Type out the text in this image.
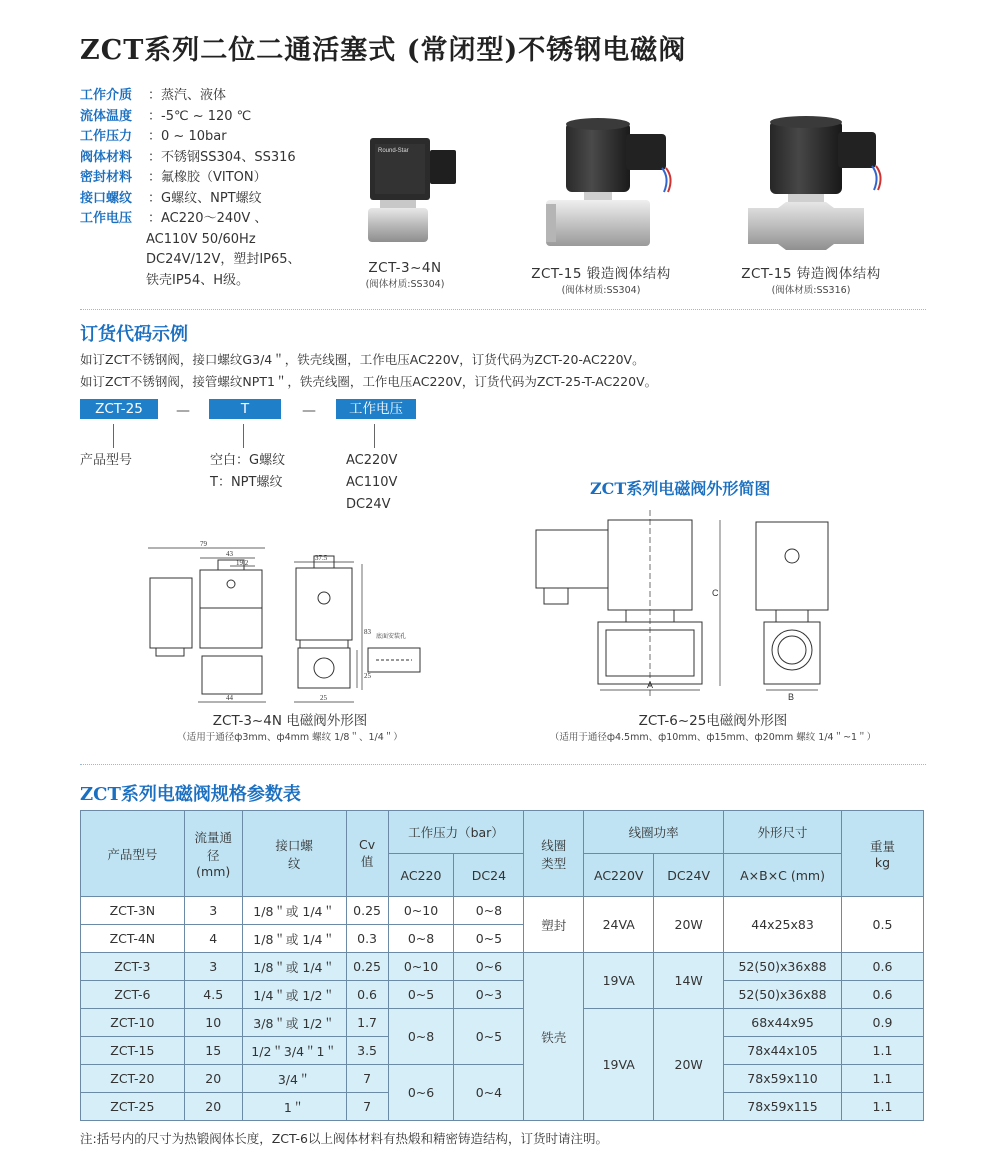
ZCT系列二位二通活塞式 (常闭型)不锈钢电磁阀
工作介质	： 蒸汽、液体
流体温度	： -5℃ ~ 120 ℃
工作压力	： 0 ~ 10bar
阀体材料	： 不锈钢SS304、SS316
密封材料	： 氟橡胶（VITON）
接口螺纹	： G螺纹、NPT螺纹
工作电压	： AC220～240V 、
AC110V 50/60Hz
DC24V/12V，塑封IP65、
铁壳IP54、H级。
Round-Star
ZCT-3~4N
(阀体材质:SS304)
ZCT-15 锻造阀体结构
(阀体材质:SS304)
ZCT-15 铸造阀体结构
(阀体材质:SS316)
订货代码示例
如订ZCT不锈钢阀，接口螺纹G3/4＂，铁壳线圈，工作电压AC220V，订货代码为ZCT-20-AC220V。
如订ZCT不锈钢阀，接管螺纹NPT1＂，铁壳线圈，工作电压AC220V，订货代码为ZCT-25-T-AC220V。
ZCT-25	—	T	—	工作电压
产品型号	空白：G螺纹
T：NPT螺纹
AC220V
AC110V
DC24V
ZCT系列电磁阀外形简图
79
43
19.2
44
37.5
83
25
25
底面安装孔
C
A
B
ZCT-3~4N 电磁阀外形图
（适用于通径ф3mm、ф4mm 螺纹 1/8＂、1/4＂）
ZCT-6~25电磁阀外形图
（适用于通径ф4.5mm、ф10mm、ф15mm、ф20mm 螺纹 1/4＂~1＂）
ZCT系列电磁阀规格参数表
产品型号	流量通径(mm)	接口螺纹	Cv值	工作压力（bar）		线圈类型	线圈功率		外形尺寸	重量kg
				AC220	DC24		AC220V	DC24V	A×B×C (mm)	
ZCT-3N	3	1/8＂或 1/4＂	0.25	0~10	0~8	塑封	24VA	20W	44x25x83	0.5
ZCT-4N	4	1/8＂或 1/4＂	0.3	0~8	0~5					
ZCT-3	3	1/8＂或 1/4＂	0.25	0~10	0~6	铁壳	19VA	14W	52(50)x36x88	0.6
ZCT-6	4.5	1/4＂或 1/2＂	0.6	0~5	0~3				52(50)x36x88	0.6
ZCT-10	10	3/8＂或 1/2＂	1.7	0~8	0~5		19VA	20W	68x44x95	0.9
ZCT-15	15	1/2＂3/4＂1＂	3.5						78x44x105	1.1
ZCT-20	20	3/4＂	7	0~6	0~4				78x59x110	1.1
ZCT-25	20	1＂	7						78x59x115	1.1
注:括号内的尺寸为热锻阀体长度，ZCT-6以上阀体材料有热煅和精密铸造结构，订货时请注明。
